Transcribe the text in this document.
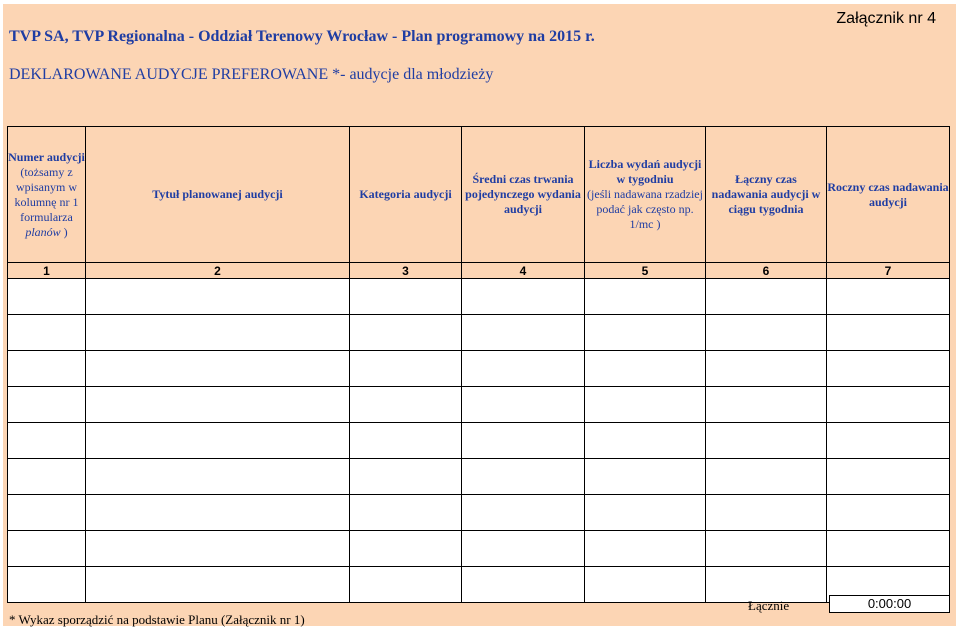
Załącznik nr 4
TVP SA, TVP Regionalna - Oddział Terenowy Wrocław - Plan programowy na 2015 r.
DEKLAROWANE AUDYCJE PREFEROWANE *- audycje dla młodzieży
Numer audycji
(tożsamy z wpisanym w kolumnę nr 1 formularza
planów )	Tytuł planowanej audycji	Kategoria audycji	Średni czas trwania pojedynczego wydania audycji	Liczba wydań audycji w tygodniu
(jeśli nadawana rzadziej podać jak często np. 1/mc )	Łączny czas nadawania audycji w ciągu tygodnia	Roczny czas nadawania audycji
1	2	3	4	5	6	7

Łącznie	0:00:00
* Wykaz sporządzić na podstawie Planu (Załącznik nr 1)
